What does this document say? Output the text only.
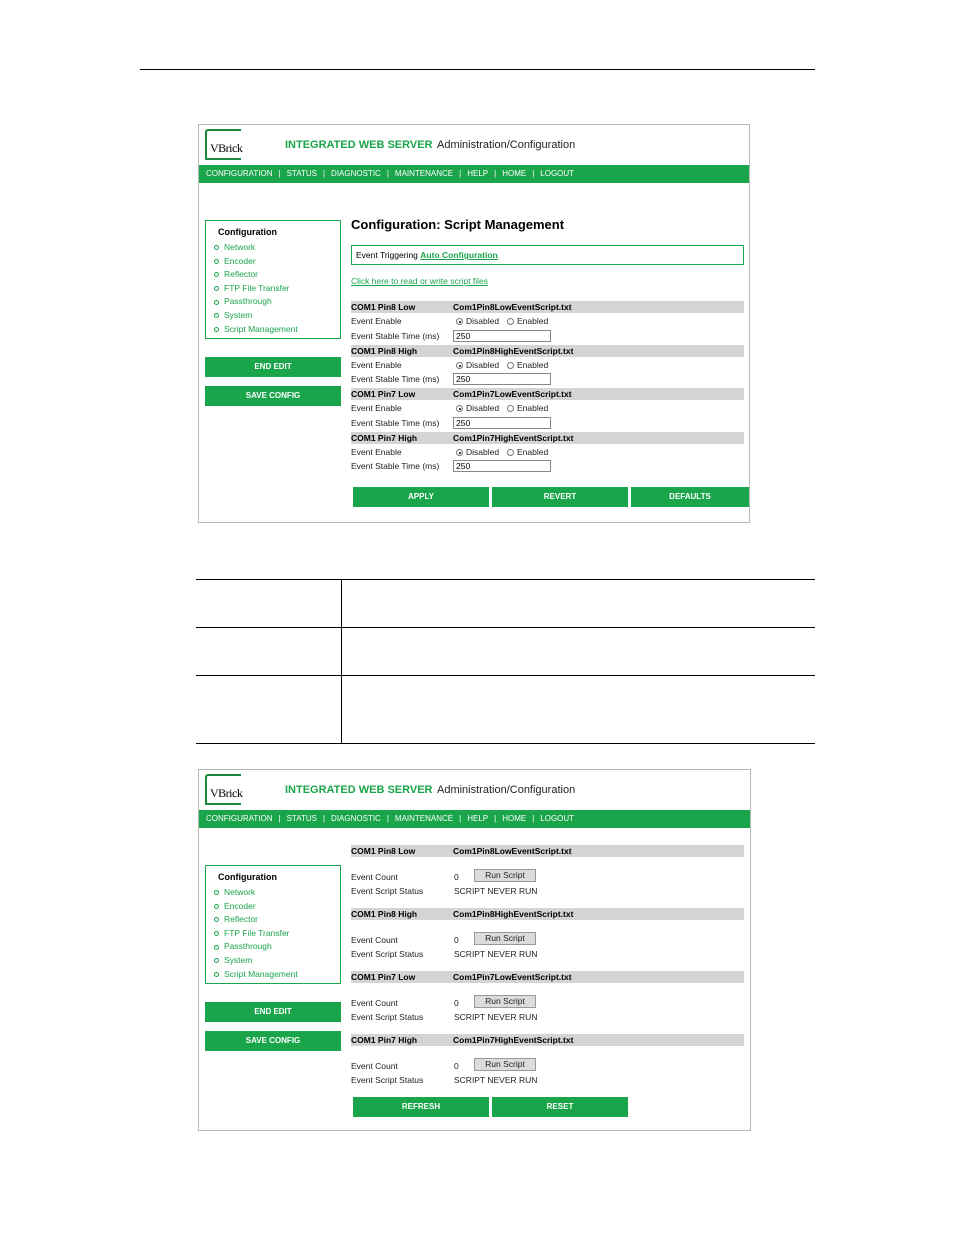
VBrick	INTEGRATED WEB SERVER Administration/Configuration
CONFIGURATION | STATUS | DIAGNOSTIC | MAINTENANCE | HELP | HOME | LOGOUT
Configuration
Network
Encoder
Reflector
FTP File Transfer
Passthrough
System
Script Management
END EDIT
SAVE CONFIG
Configuration: Script Management
Event Triggering Auto Configuration
Click here to read or write script files
COM1 Pin8 Low	Com1Pin8LowEventScript.txt
Event Enable	Disabled	Enabled
Event Stable Time (ms)	250
COM1 Pin8 High	Com1Pin8HighEventScript.txt
Event Enable	Disabled	Enabled
Event Stable Time (ms)	250
COM1 Pin7 Low	Com1Pin7LowEventScript.txt
Event Enable	Disabled	Enabled
Event Stable Time (ms)	250
COM1 Pin7 High	Com1Pin7HighEventScript.txt
Event Enable	Disabled	Enabled
Event Stable Time (ms)	250
APPLY	REVERT	DEFAULTS
VBrick	INTEGRATED WEB SERVER Administration/Configuration
CONFIGURATION | STATUS | DIAGNOSTIC | MAINTENANCE | HELP | HOME | LOGOUT
Configuration
Network
Encoder
Reflector
FTP File Transfer
Passthrough
System
Script Management
END EDIT
SAVE CONFIG
COM1 Pin8 Low	Com1Pin8LowEventScript.txt
Event Count	0	Run Script
Event Script Status	SCRIPT NEVER RUN
COM1 Pin8 High	Com1Pin8HighEventScript.txt
Event Count	0	Run Script
Event Script Status	SCRIPT NEVER RUN
COM1 Pin7 Low	Com1Pin7LowEventScript.txt
Event Count	0	Run Script
Event Script Status	SCRIPT NEVER RUN
COM1 Pin7 High	Com1Pin7HighEventScript.txt
Event Count	0	Run Script
Event Script Status	SCRIPT NEVER RUN
REFRESH	RESET
